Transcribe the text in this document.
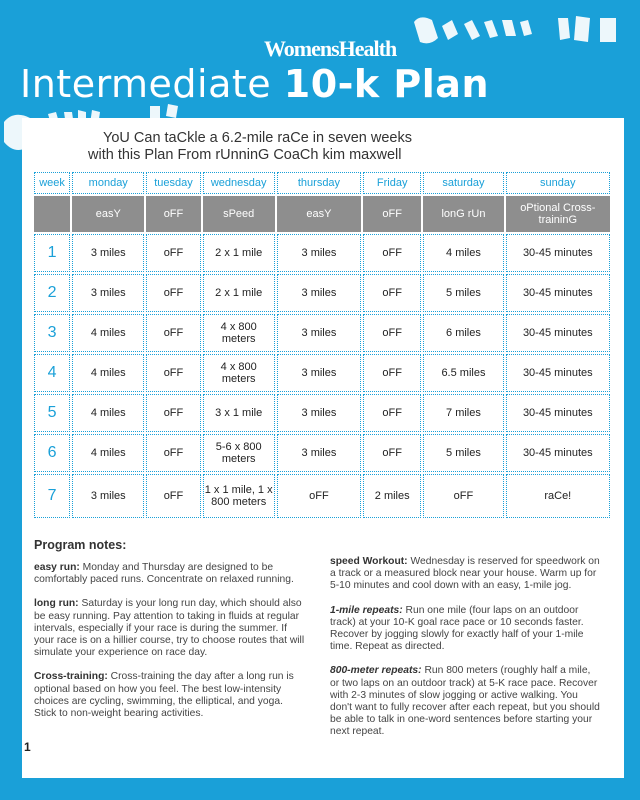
WomensHealth
Intermediate 10-k Plan
YoU Can taCkle a 6.2-mile raCe in seven weeks
with this Plan From rUnninG CoaCh kim maxwell
week	monday	tuesday	wednesday	thursday	Friday	saturday	sunday
	easY	oFF	sPeed	easY	oFF	lonG rUn	oPtional Cross-traininG
1	3 miles	oFF	2 x 1 mile	3 miles	oFF	4 miles	30-45 minutes
2	3 miles	oFF	2 x 1 mile	3 miles	oFF	5 miles	30-45 minutes
3	4 miles	oFF	4 x 800 meters	3 miles	oFF	6 miles	30-45 minutes
4	4 miles	oFF	4 x 800 meters	3 miles	oFF	6.5 miles	30-45 minutes
5	4 miles	oFF	3 x 1 mile	3 miles	oFF	7 miles	30-45 minutes
6	4 miles	oFF	5-6 x 800 meters	3 miles	oFF	5 miles	30-45 minutes
7	3 miles	oFF	1 x 1 mile, 1 x 800 meters	oFF	2 miles	oFF	raCe!
Program notes:

easy run: Monday and Thursday are designed to be comfortably paced runs. Concentrate on relaxed running.

long run: Saturday is your long run day, which should also be easy running. Pay attention to taking in fluids at regular intervals, especially if your race is during the summer. If your race is on a hillier course, try to choose routes that will simulate your experience on race day.

Cross-training: Cross-training the day after a long run is optional based on how you feel. The best low-intensity choices are cycling, swimming, the elliptical, and yoga. Stick to non-weight bearing activities.

speed Workout: Wednesday is reserved for speedwork on a track or a measured block near your house. Warm up for 5-10 minutes and cool down with an easy, 1-mile jog.

1-mile repeats: Run one mile (four laps on an outdoor track) at your 10-K goal race pace or 10 seconds faster. Recover by jogging slowly for exactly half of your 1-mile time. Repeat as directed.

800-meter repeats: Run 800 meters (roughly half a mile, or two laps on an outdoor track) at 5-K race pace. Recover with 2-3 minutes of slow jogging or active walking. You don't want to fully recover after each repeat, but you should be able to talk in one-word sentences before starting your next repeat.

1
